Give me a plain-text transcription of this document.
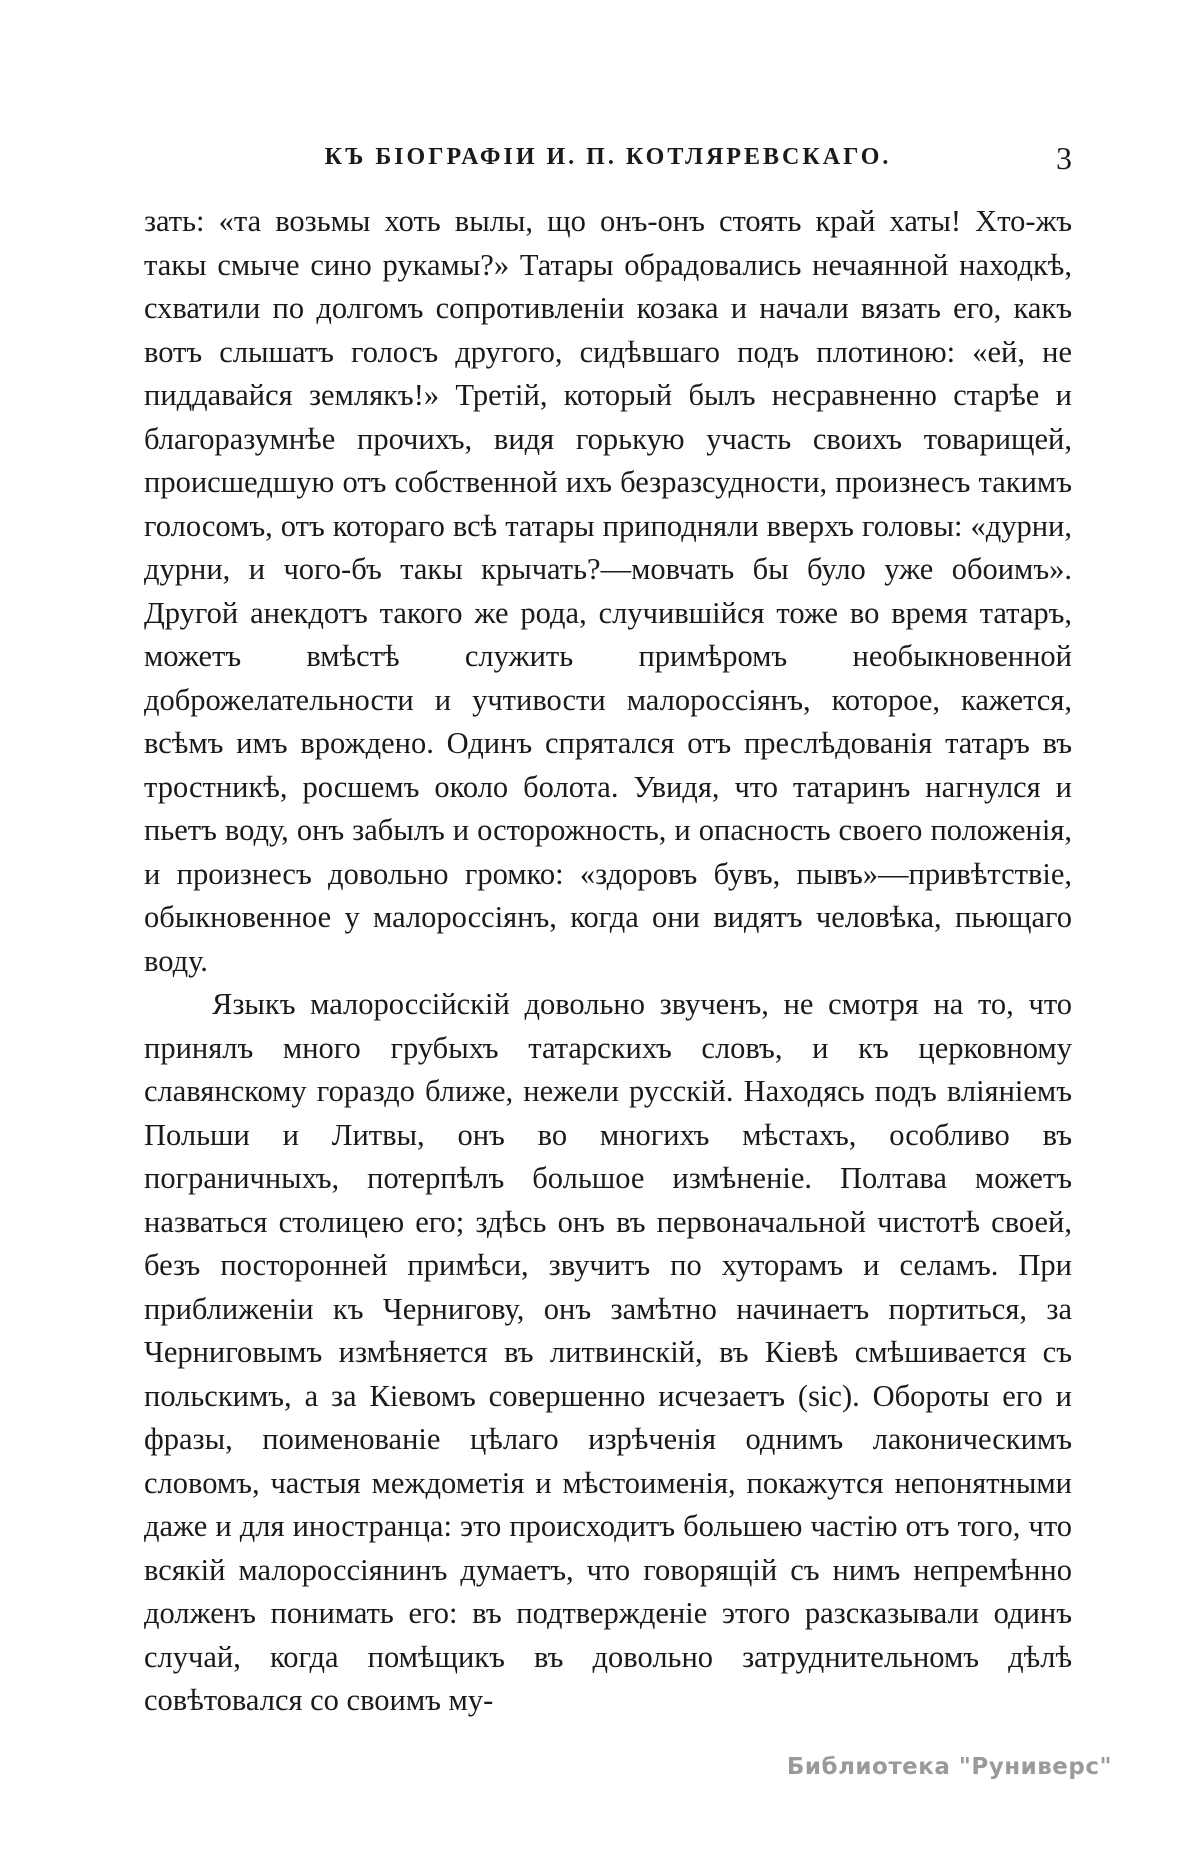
КЪ БІОГРАФІИ И. П. КОТЛЯРЕВСКАГО.	3

зать: «та возьмы хоть вылы, що онъ-онъ стоять край хаты! Хто-жъ такы смыче сино рукамы?» Татары обрадовались нечаянной находкѣ, схватили по долгомъ сопротивленіи козака и начали вязать его, какъ вотъ слышатъ голосъ другого, сидѣвшаго подъ плотиною: «ей, не пиддавайся землякъ!» Третій, который былъ несравненно старѣе и благоразумнѣе прочихъ, видя горькую участь своихъ товарищей, происшедшую отъ собственной ихъ безразсудности, произнесъ такимъ голосомъ, отъ котораго всѣ татары приподняли вверхъ головы: «дурни, дурни, и чого-бъ такы крычать?—мовчать бы було уже обоимъ». Другой анекдотъ такого же рода, случившійся тоже во время татаръ, можетъ вмѣстѣ служить примѣромъ необыкновенной доброжелательности и учтивости малороссіянъ, которое, кажется, всѣмъ имъ врождено. Одинъ спрятался отъ преслѣдованія татаръ въ тростникѣ, росшемъ около болота. Увидя, что татаринъ нагнулся и пьетъ воду, онъ забылъ и осторожность, и опасность своего положенія, и произнесъ довольно громко: «здоровъ бувъ, пывъ»—привѣтствіе, обыкновенное у малороссіянъ, когда они видятъ человѣка, пьющаго воду.

Языкъ малороссійскій довольно звученъ, не смотря на то, что принялъ много грубыхъ татарскихъ словъ, и къ церковному славянскому гораздо ближе, нежели русскій. Находясь подъ вліяніемъ Польши и Литвы, онъ во многихъ мѣстахъ, особливо въ пограничныхъ, потерпѣлъ большое измѣненіе. Полтава можетъ назваться столицею его; здѣсь онъ въ первоначальной чистотѣ своей, безъ посторонней примѣси, звучитъ по хуторамъ и селамъ. При приближеніи къ Чернигову, онъ замѣтно начинаетъ портиться, за Черниговымъ измѣняется въ литвинскій, въ Кіевѣ смѣшивается съ польскимъ, а за Кіевомъ совершенно исчезаетъ (sic). Обороты его и фразы, поименованіе цѣлаго изрѣченія однимъ лаконическимъ словомъ, частыя междометія и мѣстоименія, покажутся непонятными даже и для иностранца: это происходитъ большею частію отъ того, что всякій малороссіянинъ думаетъ, что говорящій съ нимъ непремѣнно долженъ понимать его: въ подтвержденіе этого разсказывали одинъ случай, когда помѣщикъ въ довольно затруднительномъ дѣлѣ совѣтовался со своимъ му-

Библиотека "Руниверс"
